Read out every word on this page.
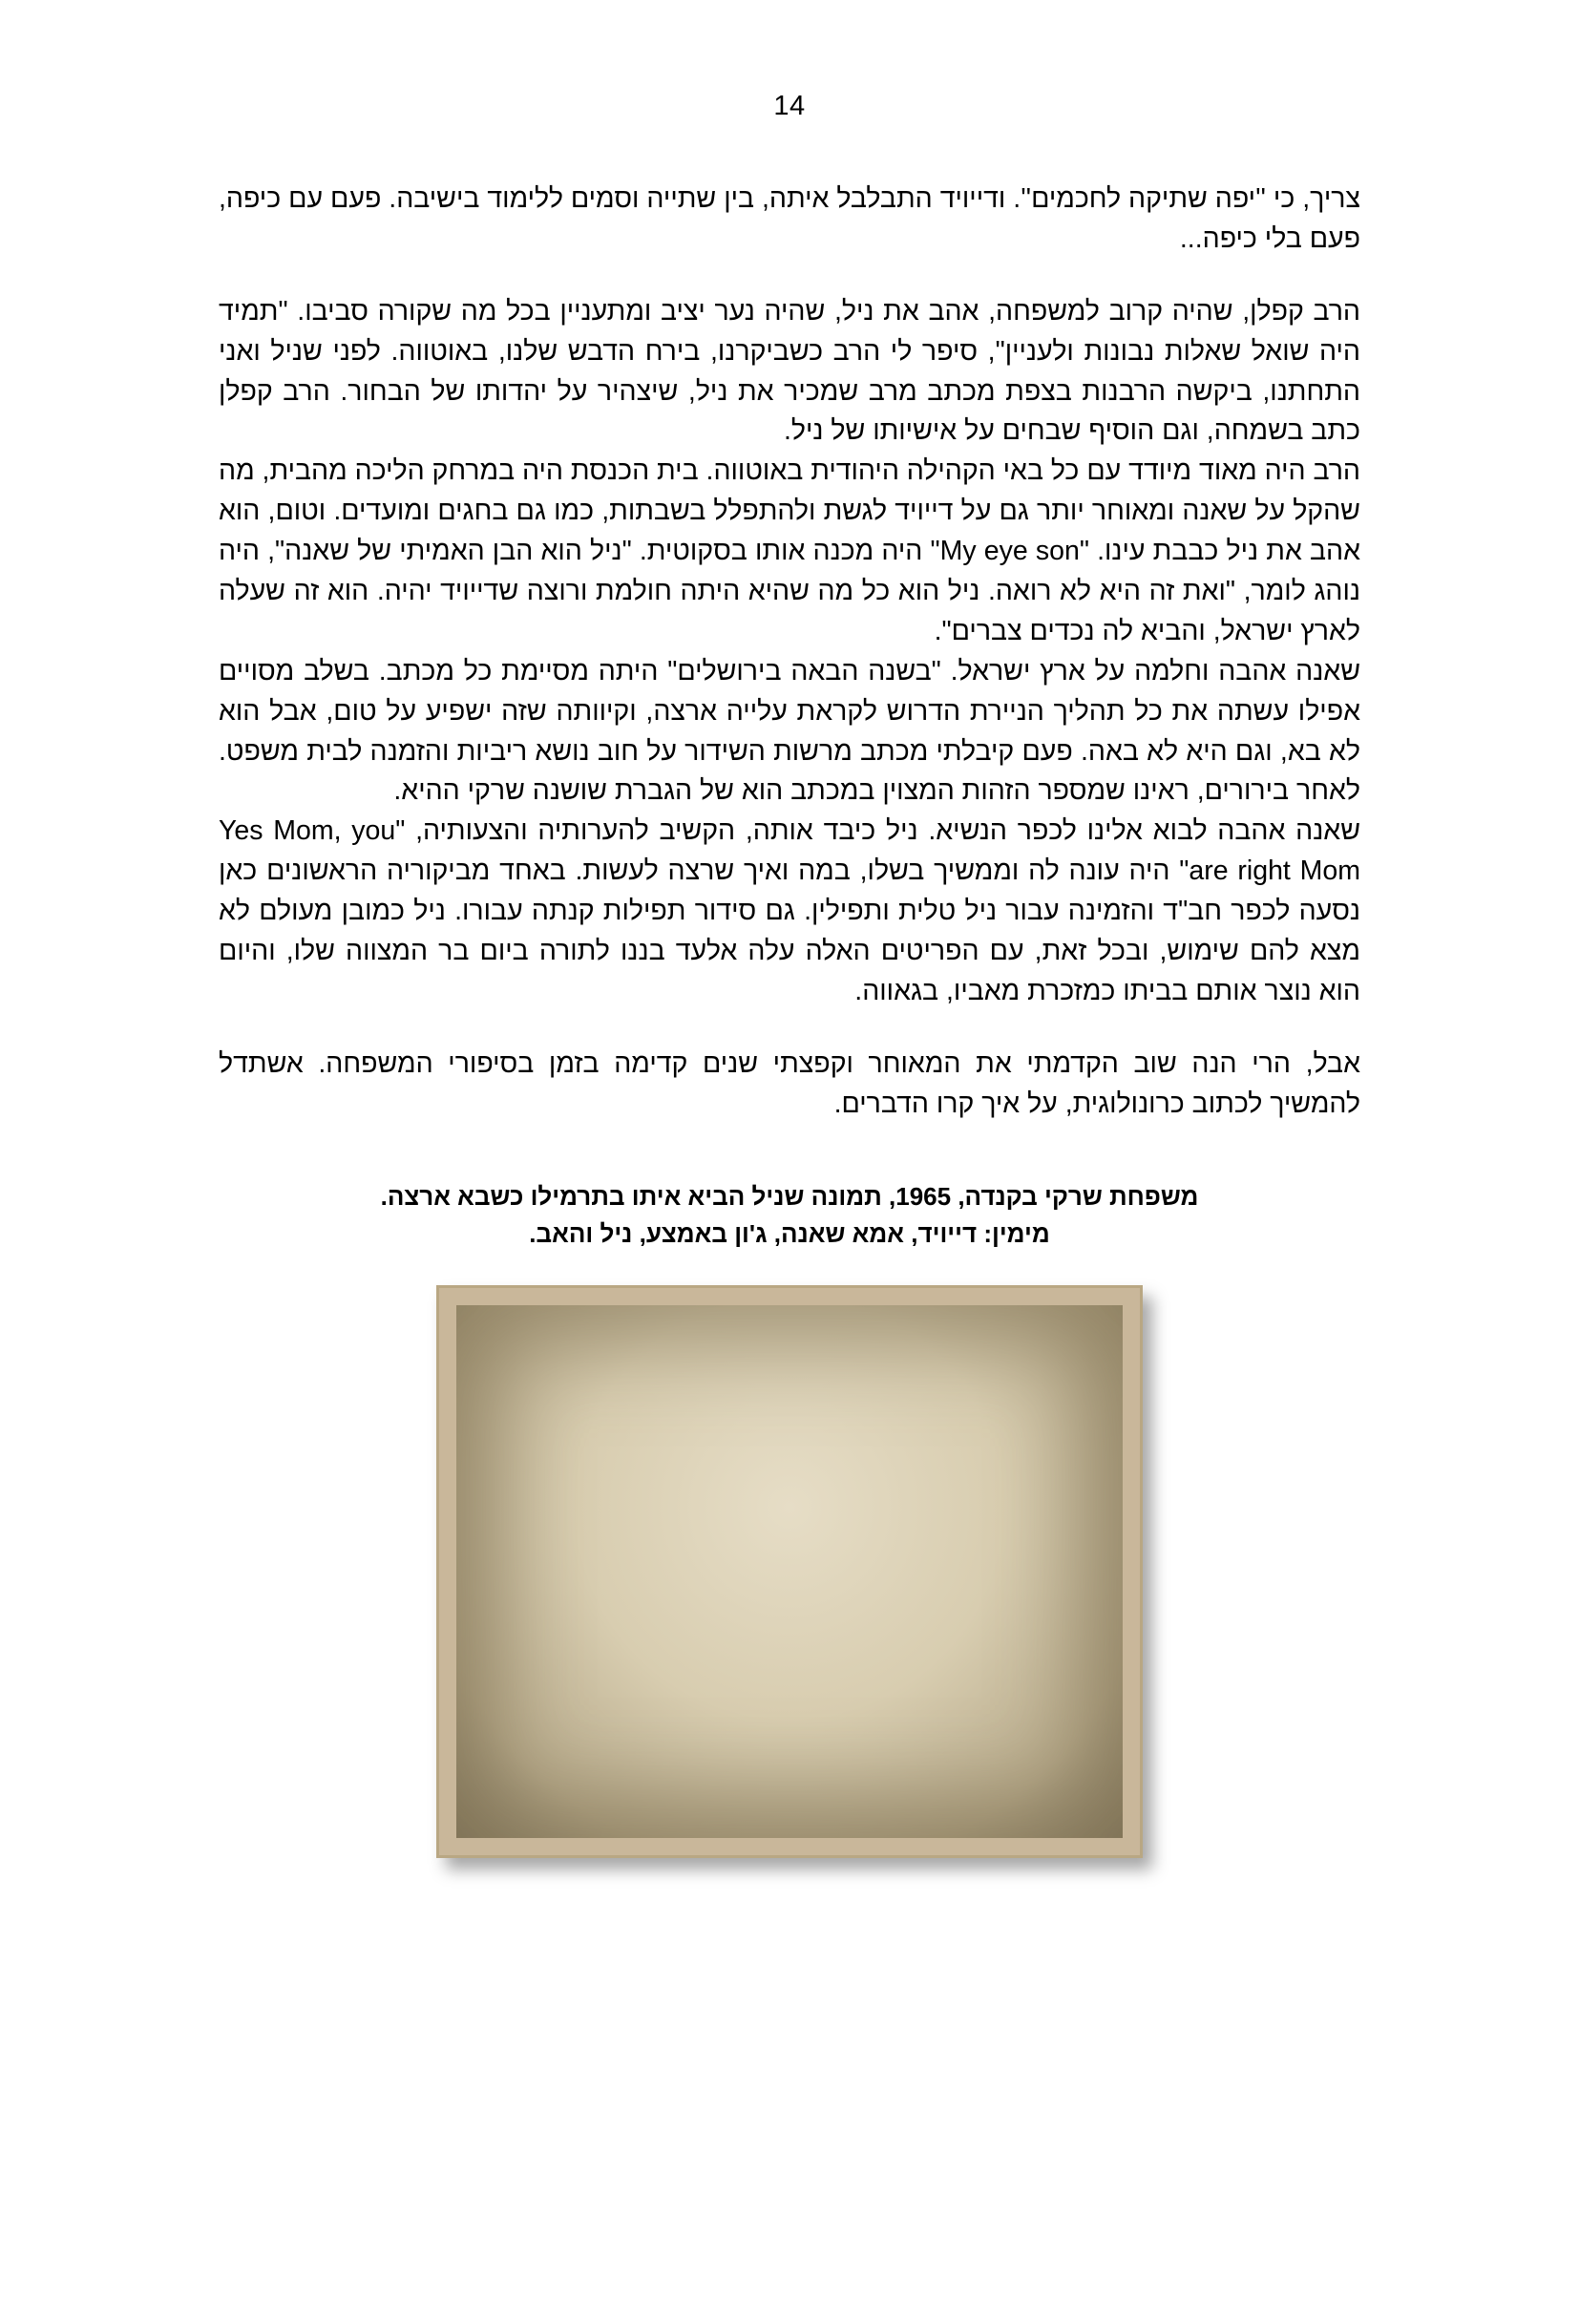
14

צריך, כי ''יפה שתיקה לחכמים''. ודייויד התבלבל איתה, בין שתייה וסמים ללימוד בישיבה. פעם עם כיפה, פעם בלי כיפה...

הרב קפלן, שהיה קרוב למשפחה, אהב את ניל, שהיה נער יציב ומתעניין בכל מה שקורה סביבו. "תמיד היה שואל שאלות נבונות ולעניין", סיפר לי הרב כשביקרנו, בירח הדבש שלנו, באוטווה. לפני שניל ואני התחתנו, ביקשה הרבנות בצפת מכתב מרב שמכיר את ניל, שיצהיר על יהדותו של הבחור. הרב קפלן כתב בשמחה, וגם הוסיף שבחים על אישיותו של ניל.

הרב היה מאוד מיודד עם כל באי הקהילה היהודית באוטווה. בית הכנסת היה במרחק הליכה מהבית, מה שהקל על שאנה ומאוחר יותר גם על דייויד לגשת ולהתפלל בשבתות, כמו גם בחגים ומועדים. וטום, הוא אהב את ניל כבבת עינו. "My eye son" היה מכנה אותו בסקוטית. "ניל הוא הבן האמיתי של שאנה", היה נוהג לומר, "ואת זה היא לא רואה. ניל הוא כל מה שהיא היתה חולמת ורוצה שדייויד יהיה. הוא זה שעלה לארץ ישראל, והביא לה נכדים צברים".

שאנה אהבה וחלמה על ארץ ישראל. "בשנה הבאה בירושלים" היתה מסיימת כל מכתב. בשלב מסויים אפילו עשתה את כל תהליך הניירת הדרוש לקראת עלייה ארצה, וקיוותה שזה ישפיע על טום, אבל הוא לא בא, וגם היא לא באה. פעם קיבלתי מכתב מרשות השידור על חוב נושא ריביות והזמנה לבית משפט. לאחר בירורים, ראינו שמספר הזהות המצוין במכתב הוא של הגברת שושנה שרקי ההיא.

שאנה אהבה לבוא אלינו לכפר הנשיא. ניל כיבד אותה, הקשיב להערותיה והצעותיה, "Yes Mom, you are right Mom" היה עונה לה וממשיך בשלו, במה ואיך שרצה לעשות. באחד מביקוריה הראשונים כאן נסעה לכפר חב"ד והזמינה עבור ניל טלית ותפילין. גם סידור תפילות קנתה עבורו. ניל כמובן מעולם לא מצא להם שימוש, ובכל זאת, עם הפריטים האלה עלה אלעד בננו לתורה ביום בר המצווה שלו, והיום הוא נוצר אותם בביתו כמזכרת מאביו, בגאווה.

אבל, הרי הנה שוב הקדמתי את המאוחר וקפצתי שנים קדימה בזמן בסיפורי המשפחה. אשתדל להמשיך לכתוב כרונולוגית, על איך קרו הדברים.

משפחת שרקי בקנדה, 1965, תמונה שניל הביא איתו בתרמילו כשבא ארצה.
מימין: דייויד, אמא שאנה, ג'ון באמצע, ניל והאב.
